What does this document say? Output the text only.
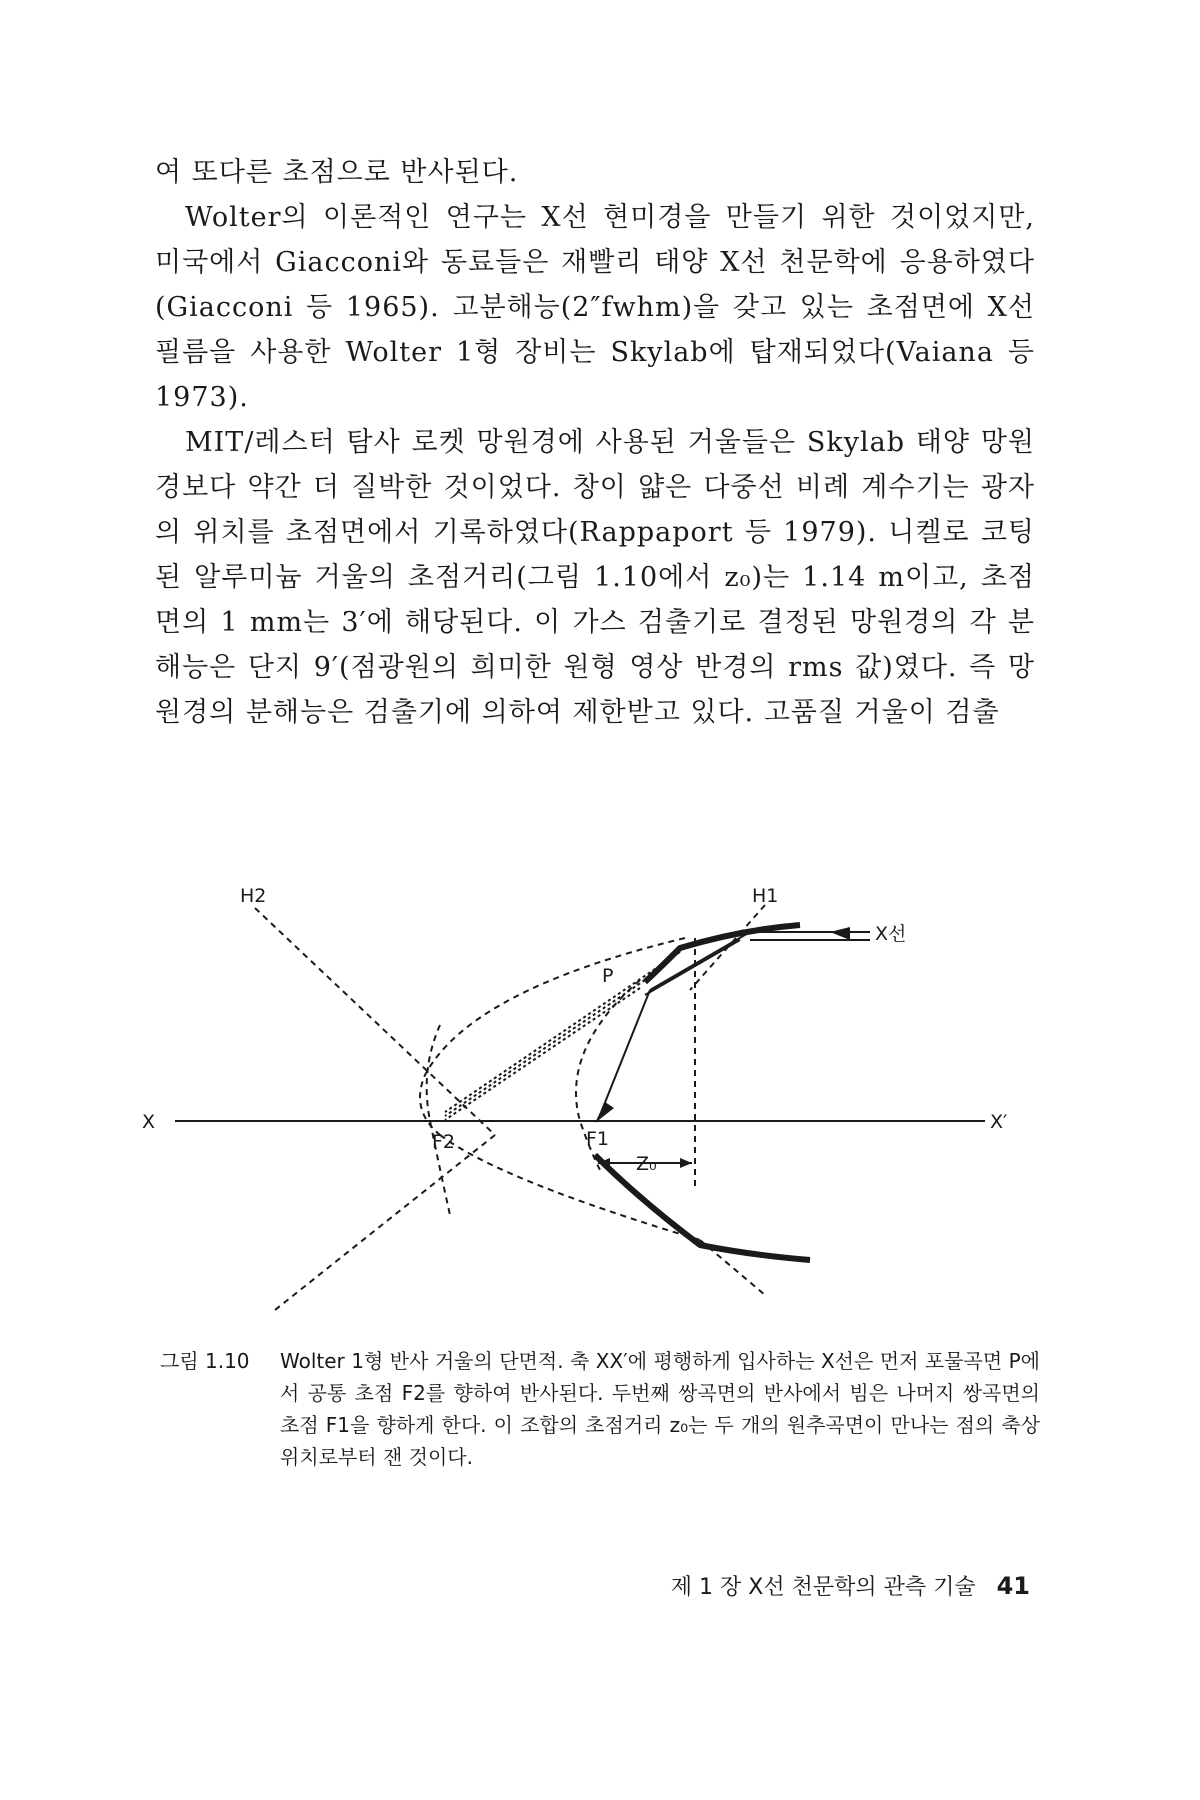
여 또다른 초점으로 반사된다.

Wolter의 이론적인 연구는 X선 현미경을 만들기 위한 것이었지만, 미국에서 Giacconi와 동료들은 재빨리 태양 X선 천문학에 응용하였다(Giacconi 등 1965). 고분해능(2″fwhm)을 갖고 있는 초점면에 X선 필름을 사용한 Wolter 1형 장비는 Skylab에 탑재되었다(Vaiana 등 1973).

MIT/레스터 탐사 로켓 망원경에 사용된 거울들은 Skylab 태양 망원경보다 약간 더 질박한 것이었다. 창이 얇은 다중선 비례 계수기는 광자의 위치를 초점면에서 기록하였다(Rappaport 등 1979). 니켈로 코팅된 알루미늄 거울의 초점거리(그림 1.10에서 z₀)는 1.14 m이고, 초점면의 1 mm는 3′에 해당된다. 이 가스 검출기로 결정된 망원경의 각 분해능은 단지 9′(점광원의 희미한 원형 영상 반경의 rms 값)였다. 즉 망원경의 분해능은 검출기에 의하여 제한받고 있다. 고품질 거울이 검출

H2	H1
X선
P
X	X′
F2	F1
Z₀
그림 1.10	Wolter 1형 반사 거울의 단면적. 축 XX′에 평행하게 입사하는 X선은 먼저 포물곡면 P에서 공통 초점 F2를 향하여 반사된다. 두번째 쌍곡면의 반사에서 빔은 나머지 쌍곡면의 초점 F1을 향하게 한다. 이 조합의 초점거리 z₀는 두 개의 원추곡면이 만나는 점의 축상 위치로부터 잰 것이다.
제 1 장 X선 천문학의 관측 기술 41
